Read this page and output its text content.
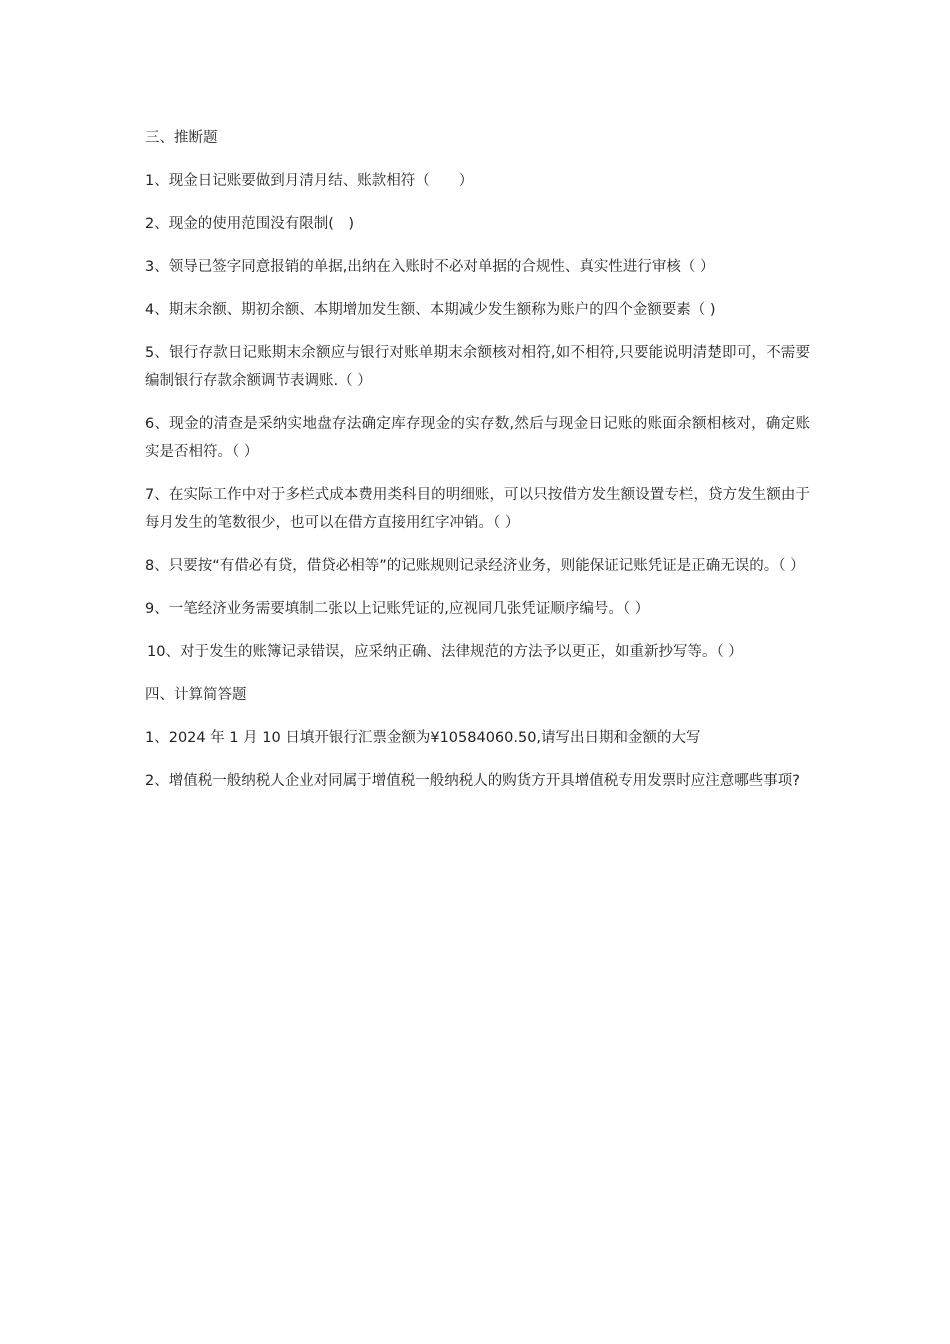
三、推断题
1、现金日记账要做到月清月结、账款相符（　　）
2、现金的使用范围没有限制(　)
3、领导已签字同意报销的单据,出纳在入账时不必对单据的合规性、真实性进行审核（ ）
4、期末余额、期初余额、本期增加发生额、本期减少发生额称为账户的四个金额要素（ )
5、银行存款日记账期末余额应与银行对账单期末余额核对相符,如不相符,只要能说明清楚即可，不需要编制银行存款余额调节表调账.（ ）
6、现金的清查是采纳实地盘存法确定库存现金的实存数,然后与现金日记账的账面余额相核对，确定账实是否相符。（ ）
7、在实际工作中对于多栏式成本费用类科目的明细账，可以只按借方发生额设置专栏，贷方发生额由于每月发生的笔数很少，也可以在借方直接用红字冲销。（ ）
8、只要按“有借必有贷，借贷必相等”的记账规则记录经济业务，则能保证记账凭证是正确无误的。（ ）
9、一笔经济业务需要填制二张以上记账凭证的,应视同几张凭证顺序编号。（ ）
10、对于发生的账簿记录错误，应采纳正确、法律规范的方法予以更正，如重新抄写等。（ ）
四、计算简答题
1、2024 年 1 月 10 日填开银行汇票金额为¥10584060.50,请写出日期和金额的大写
2、增值税一般纳税人企业对同属于增值税一般纳税人的购货方开具增值税专用发票时应注意哪些事项?
